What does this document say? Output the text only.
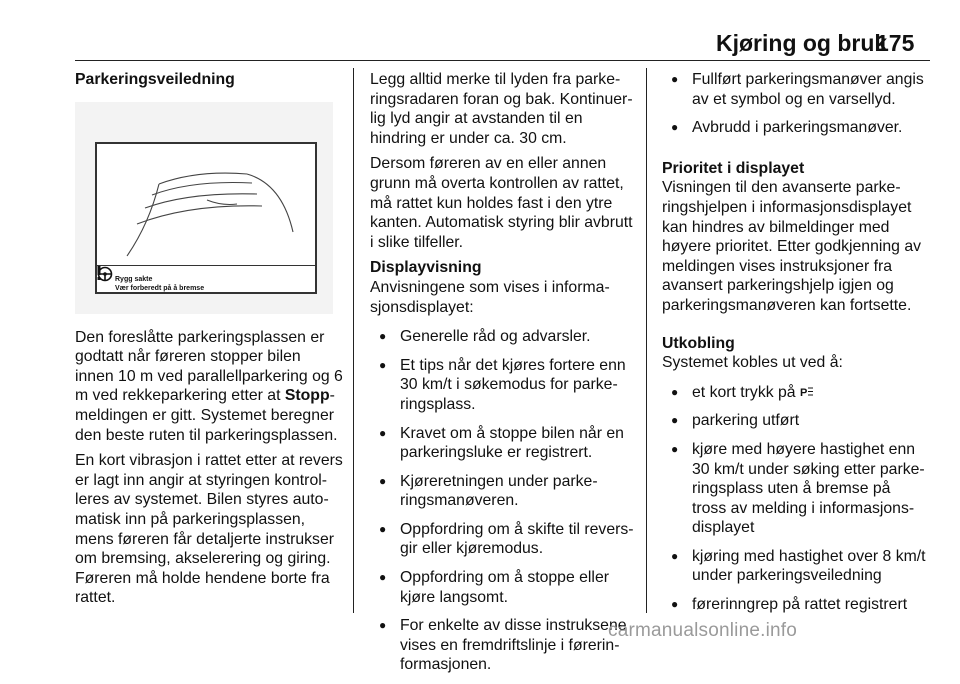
Kjøring og bruk
175

Parkeringsveiledning

Rygg sakte
Vær forberedt på å bremse

Den foreslåtte parkeringsplassen er godtatt når føreren stopper bilen innen 10 m ved parallellparkering og 6 m ved rekkeparkering etter at Stopp-meldingen er gitt. Systemet beregner den beste ruten til parkeringsplassen.

En kort vibrasjon i rattet etter at revers er lagt inn angir at styringen kontrolleres av systemet. Bilen styres automatisk inn på parkeringsplassen, mens føreren får detaljerte instrukser om bremsing, akselerering og giring. Føreren må holde hendene borte fra rattet.

Legg alltid merke til lyden fra parkeringsradaren foran og bak. Kontinuerlig lyd angir at avstanden til en hindring er under ca. 30 cm.

Dersom føreren av en eller annen grunn må overta kontrollen av rattet, må rattet kun holdes fast i den ytre kanten. Automatisk styring blir avbrutt i slike tilfeller.

Displayvisning

Anvisningene som vises i informasjonsdisplayet:

● Generelle råd og advarsler.
● Et tips når det kjøres fortere enn 30 km/t i søkemodus for parkeringsplass.
● Kravet om å stoppe bilen når en parkeringsluke er registrert.
● Kjøreretningen under parkeringsmanøveren.
● Oppfordring om å skifte til reversgir eller kjøremodus.
● Oppfordring om å stoppe eller kjøre langsomt.
● For enkelte av disse instruksene vises en fremdriftslinje i førerinformasjonen.
● Fullført parkeringsmanøver angis av et symbol og en varsellyd.
● Avbrudd i parkeringsmanøver.

Prioritet i displayet

Visningen til den avanserte parkeringshjelpen i informasjonsdisplayet kan hindres av bilmeldinger med høyere prioritet. Etter godkjenning av meldingen vises instruksjoner fra avansert parkeringshjelp igjen og parkeringsmanøveren kan fortsette.

Utkobling

Systemet kobles ut ved å:

● et kort trykk på P
● parkering utført
● kjøre med høyere hastighet enn 30 km/t under søking etter parkeringsplass uten å bremse på tross av melding i informasjonsdisplayet
● kjøring med hastighet over 8 km/t under parkeringsveiledning
● førerinngrep på rattet registrert
carmanualsonline.info
